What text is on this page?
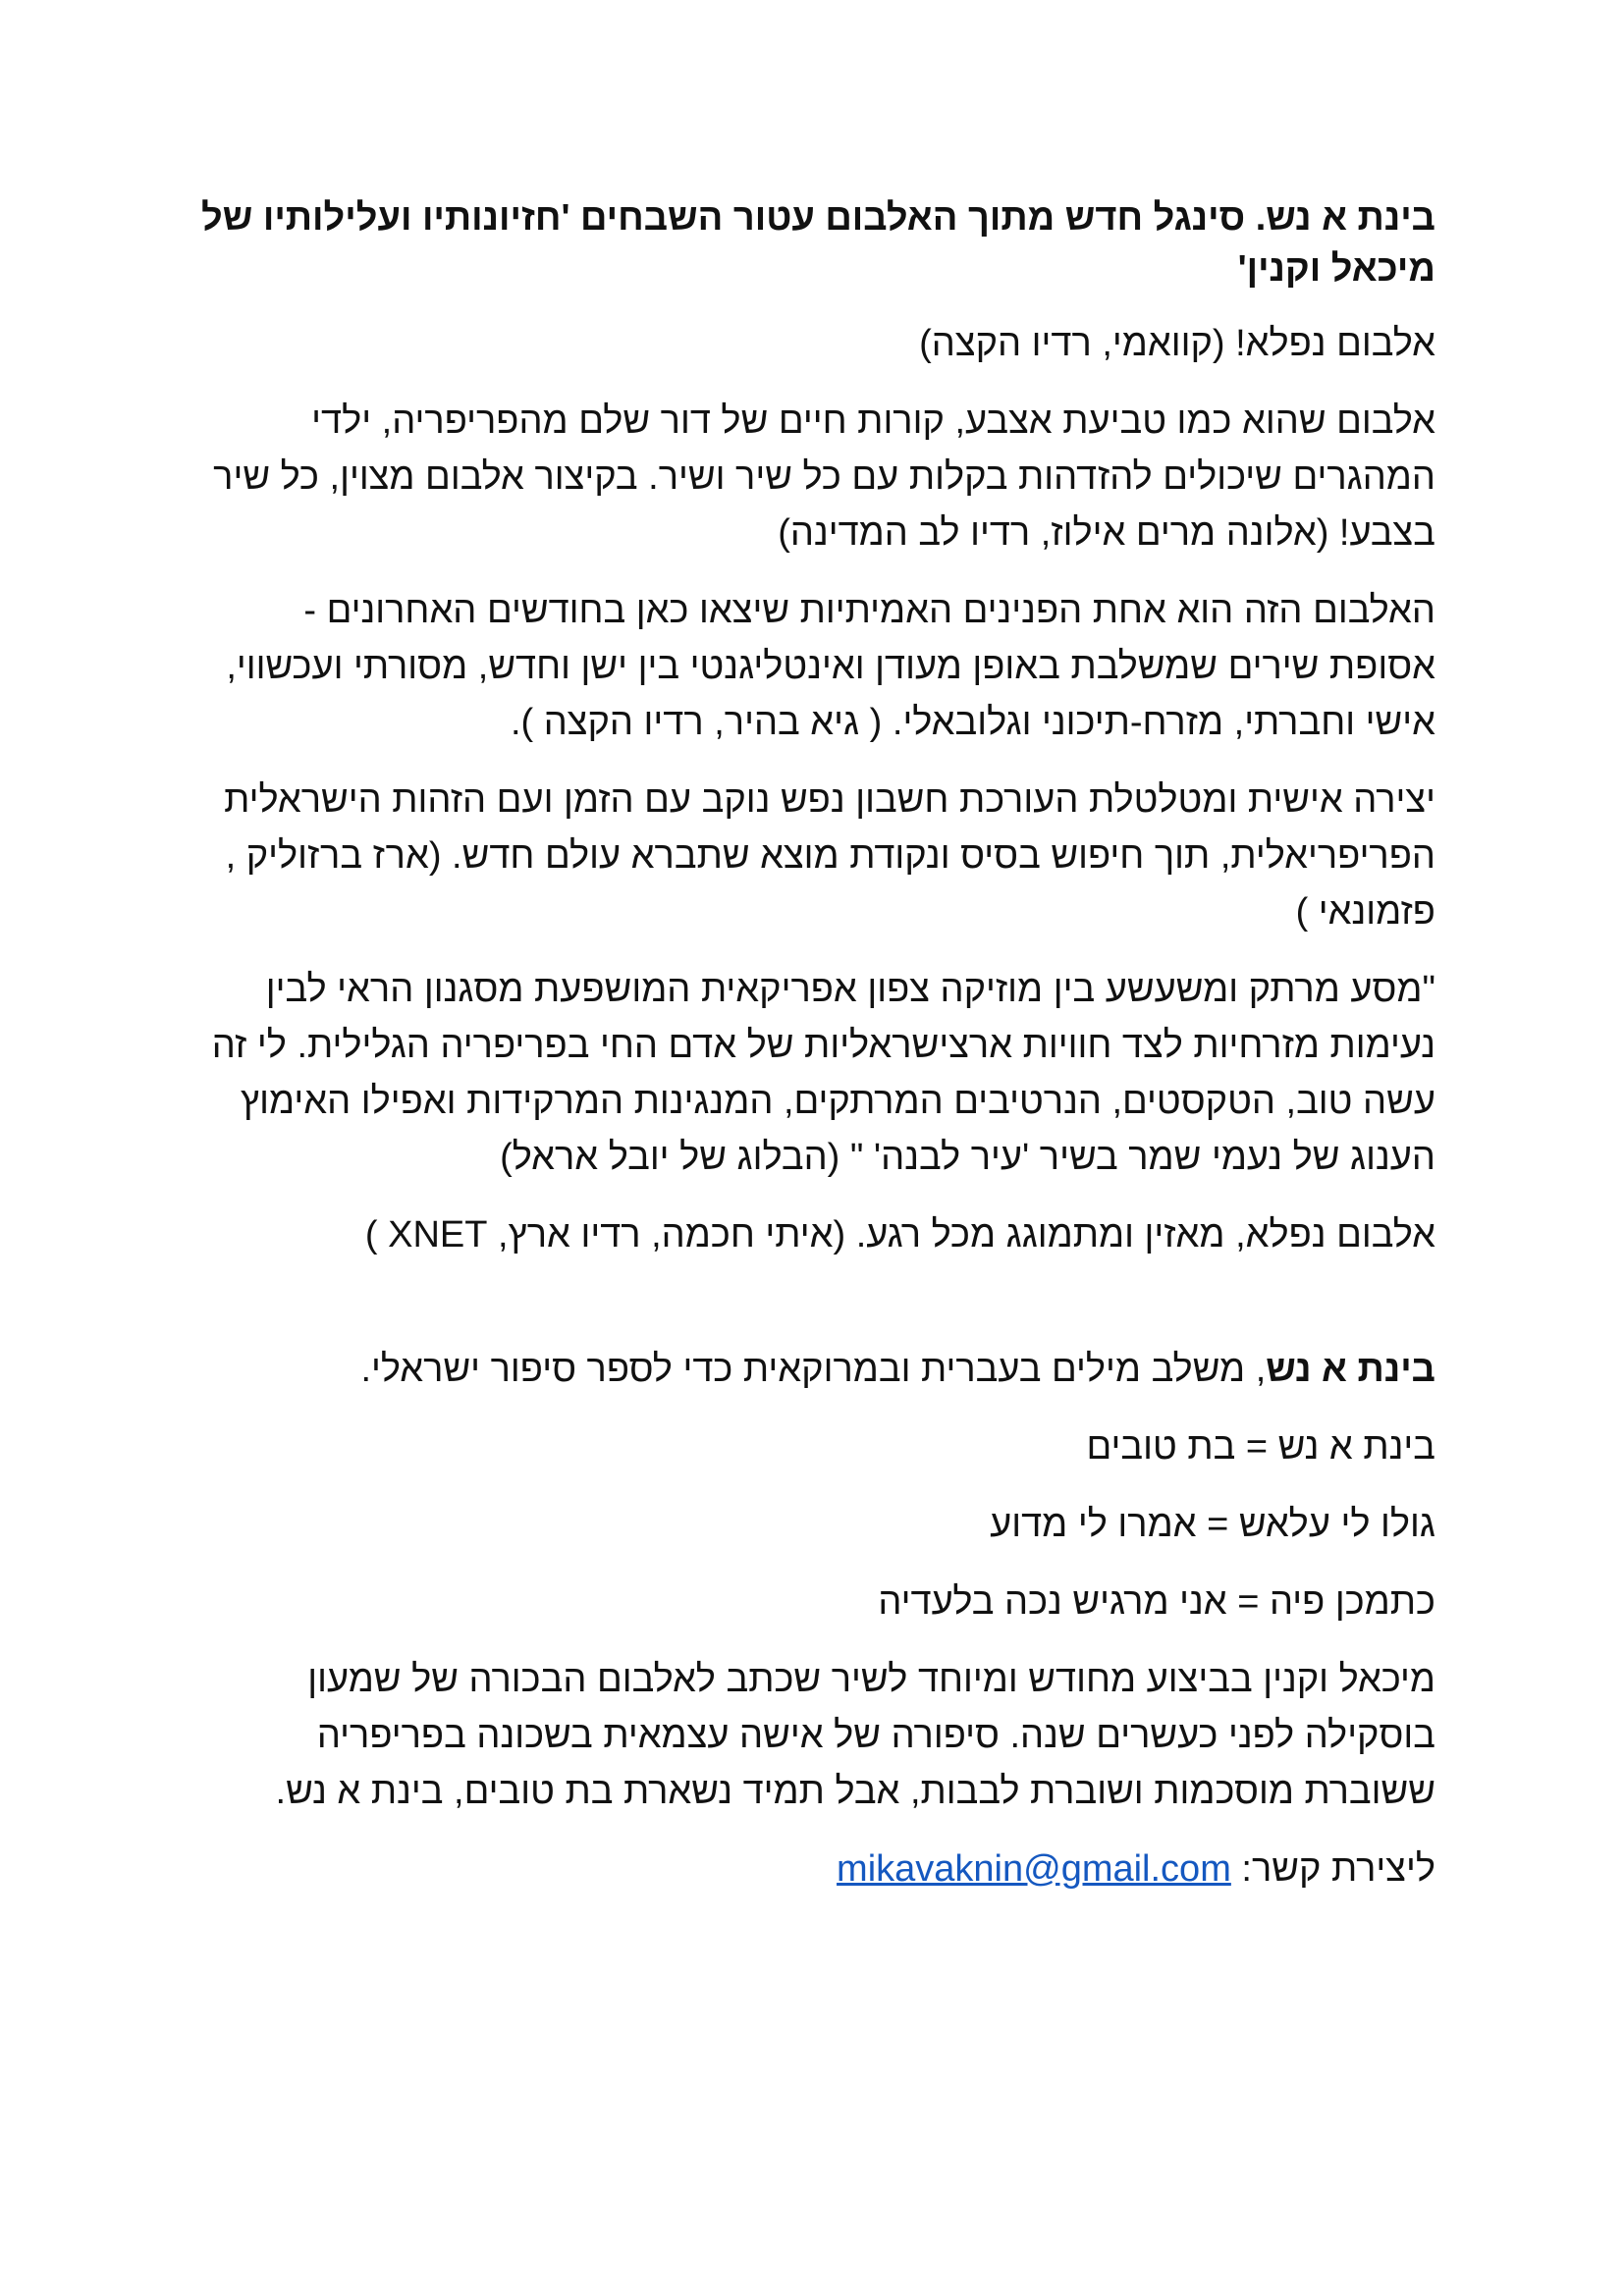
בינת א נש. סינגל חדש מתוך האלבום עטור השבחים 'חזיונותיו ועלילותיו של מיכאל וקנין'

אלבום נפלא! (קוואמי, רדיו הקצה)

אלבום שהוא כמו טביעת אצבע, קורות חיים של דור שלם מהפריפריה, ילדי המהגרים שיכולים להזדהות בקלות עם כל שיר ושיר. בקיצור אלבום מצוין, כל שיר בצבע! (אלונה מרים אילוז, רדיו לב המדינה)

האלבום הזה הוא אחת הפנינים האמיתיות שיצאו כאן בחודשים האחרונים - אסופת שירים שמשלבת באופן מעודן ואינטליגנטי בין ישן וחדש, מסורתי ועכשווי, אישי וחברתי, מזרח-תיכוני וגלובאלי. ( גיא בהיר, רדיו הקצה ).

יצירה אישית ומטלטלת העורכת חשבון נפש נוקב עם הזמן ועם הזהות הישראלית הפריפריאלית, תוך חיפוש בסיס ונקודת מוצא שתברא עולם חדש. (ארז ברזוליק , פזמונאי )

"מסע מרתק ומשעשע בין מוזיקה צפון אפריקאית המושפעת מסגנון הראי לבין נעימות מזרחיות לצד חוויות ארצישראליות של אדם החי בפריפריה הגלילית. לי זה עשה טוב, הטקסטים, הנרטיבים המרתקים, המנגינות המרקידות ואפילו האימוץ הענוג של נעמי שמר בשיר 'עיר לבנה' " (הבלוג של יובל אראל)

אלבום נפלא, מאזין ומתמוגג מכל רגע. (איתי חכמה, רדיו ארץ, XNET )

בינת א נש, משלב מילים בעברית ובמרוקאית כדי לספר סיפור ישראלי.

בינת א נש = בת טובים

גולו לי עלאש = אמרו לי מדוע

כתמכן פיה = אני מרגיש נכה בלעדיה

מיכאל וקנין בביצוע מחודש ומיוחד לשיר שכתב לאלבום הבכורה של שמעון בוסקילה לפני כעשרים שנה. סיפורה של אישה עצמאית בשכונה בפריפריה ששוברת מוסכמות ושוברת לבבות, אבל תמיד נשארת בת טובים, בינת א נש.

ליצירת קשר: mikavaknin@gmail.com
